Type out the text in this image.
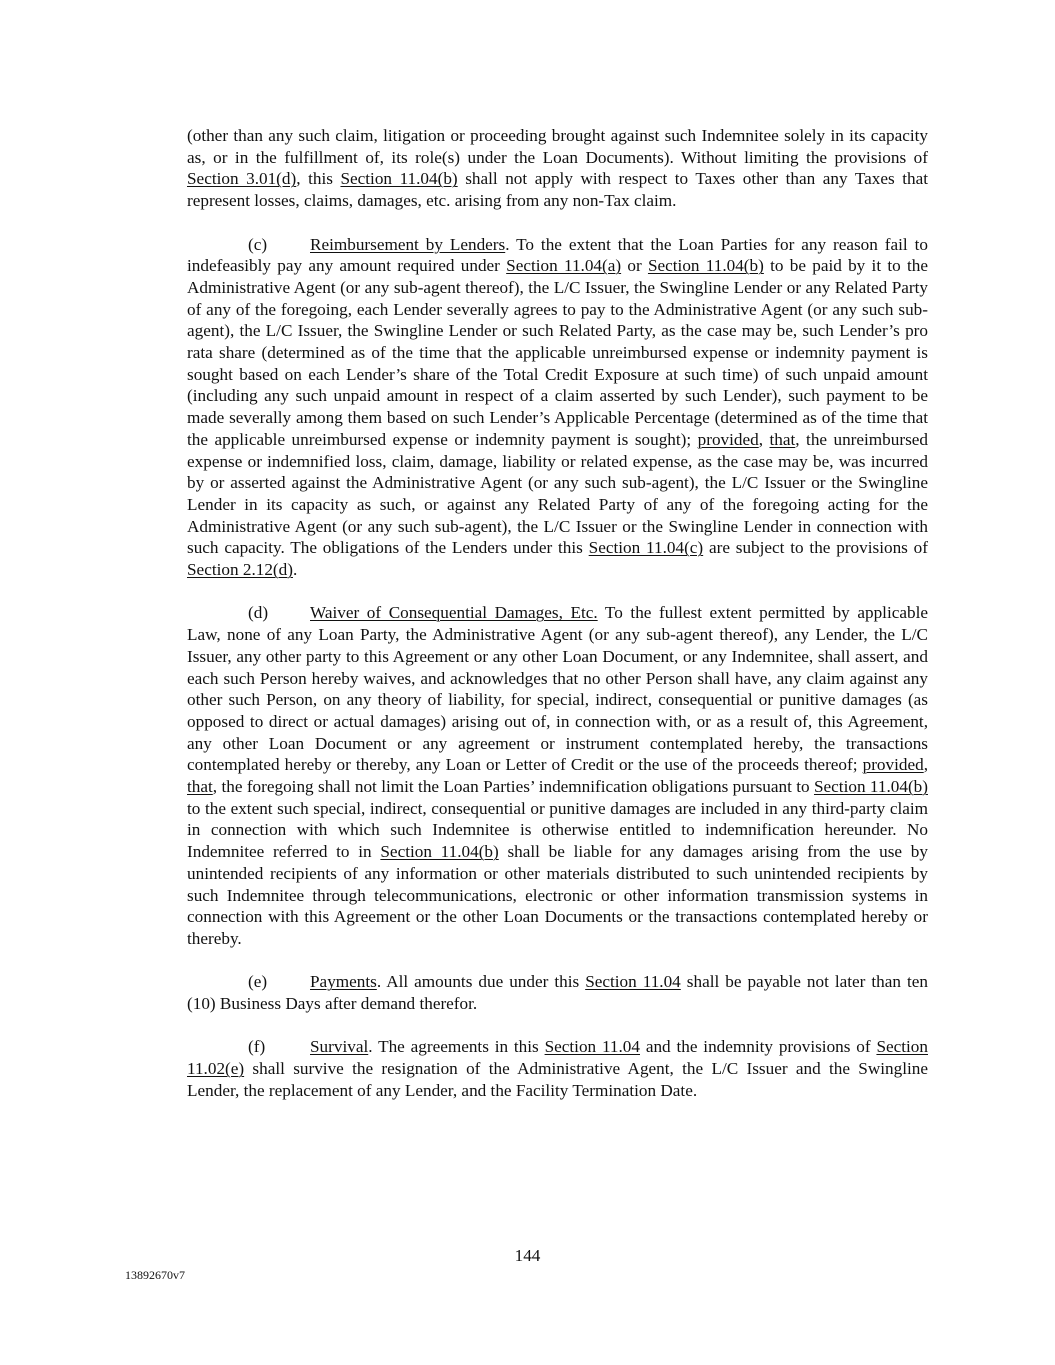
(other than any such claim, litigation or proceeding brought against such Indemnitee solely in its capacity as, or in the fulfillment of, its role(s) under the Loan Documents). Without limiting the provisions of Section 3.01(d), this Section 11.04(b) shall not apply with respect to Taxes other than any Taxes that represent losses, claims, damages, etc. arising from any non-Tax claim.

(c) Reimbursement by Lenders. To the extent that the Loan Parties for any reason fail to indefeasibly pay any amount required under Section 11.04(a) or Section 11.04(b) to be paid by it to the Administrative Agent (or any sub-agent thereof), the L/C Issuer, the Swingline Lender or any Related Party of any of the foregoing, each Lender severally agrees to pay to the Administrative Agent (or any such sub-agent), the L/C Issuer, the Swingline Lender or such Related Party, as the case may be, such Lender’s pro rata share (determined as of the time that the applicable unreimbursed expense or indemnity payment is sought based on each Lender’s share of the Total Credit Exposure at such time) of such unpaid amount (including any such unpaid amount in respect of a claim asserted by such Lender), such payment to be made severally among them based on such Lender’s Applicable Percentage (determined as of the time that the applicable unreimbursed expense or indemnity payment is sought); provided, that, the unreimbursed expense or indemnified loss, claim, damage, liability or related expense, as the case may be, was incurred by or asserted against the Administrative Agent (or any such sub-agent), the L/C Issuer or the Swingline Lender in its capacity as such, or against any Related Party of any of the foregoing acting for the Administrative Agent (or any such sub-agent), the L/C Issuer or the Swingline Lender in connection with such capacity. The obligations of the Lenders under this Section 11.04(c) are subject to the provisions of Section 2.12(d).

(d) Waiver of Consequential Damages, Etc. To the fullest extent permitted by applicable Law, none of any Loan Party, the Administrative Agent (or any sub-agent thereof), any Lender, the L/C Issuer, any other party to this Agreement or any other Loan Document, or any Indemnitee, shall assert, and each such Person hereby waives, and acknowledges that no other Person shall have, any claim against any other such Person, on any theory of liability, for special, indirect, consequential or punitive damages (as opposed to direct or actual damages) arising out of, in connection with, or as a result of, this Agreement, any other Loan Document or any agreement or instrument contemplated hereby, the transactions contemplated hereby or thereby, any Loan or Letter of Credit or the use of the proceeds thereof; provided, that, the foregoing shall not limit the Loan Parties’ indemnification obligations pursuant to Section 11.04(b) to the extent such special, indirect, consequential or punitive damages are included in any third-party claim in connection with which such Indemnitee is otherwise entitled to indemnification hereunder. No Indemnitee referred to in Section 11.04(b) shall be liable for any damages arising from the use by unintended recipients of any information or other materials distributed to such unintended recipients by such Indemnitee through telecommunications, electronic or other information transmission systems in connection with this Agreement or the other Loan Documents or the transactions contemplated hereby or thereby.

(e) Payments. All amounts due under this Section 11.04 shall be payable not later than ten (10) Business Days after demand therefor.

(f)	Survival. The agreements in this Section 11.04 and the indemnity provisions of Section 11.02(e) shall survive the resignation of the Administrative Agent, the L/C Issuer and the Swingline Lender, the replacement of any Lender, and the Facility Termination Date.

144
13892670v7
